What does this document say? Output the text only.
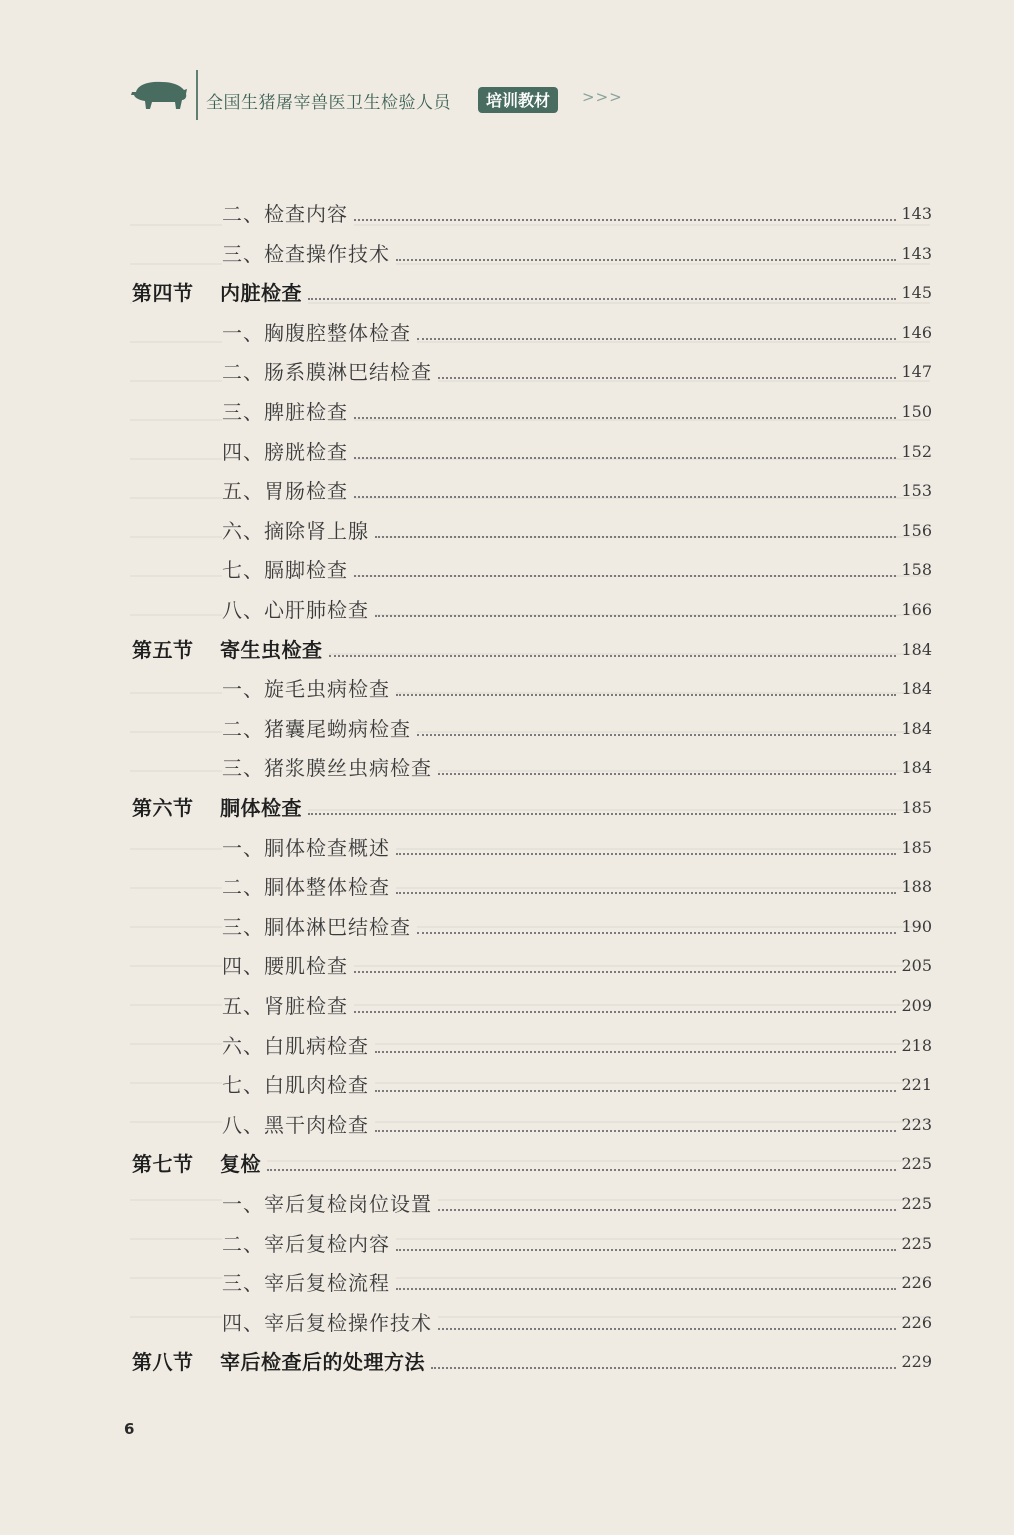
全国生猪屠宰兽医卫生检验人员	培训教材	>>>
二、检查内容	143
三、检查操作技术	143
第四节 内脏检查	145
一、胸腹腔整体检查	146
二、肠系膜淋巴结检查	147
三、脾脏检查	150
四、膀胱检查	152
五、胃肠检查	153
六、摘除肾上腺	156
七、膈脚检查	158
八、心肝肺检查	166
第五节 寄生虫检查	184
一、旋毛虫病检查	184
二、猪囊尾蚴病检查	184
三、猪浆膜丝虫病检查	184
第六节 胴体检查	185
一、胴体检查概述	185
二、胴体整体检查	188
三、胴体淋巴结检查	190
四、腰肌检查	205
五、肾脏检查	209
六、白肌病检查	218
七、白肌肉检查	221
八、黑干肉检查	223
第七节 复检	225
一、宰后复检岗位设置	225
二、宰后复检内容	225
三、宰后复检流程	226
四、宰后复检操作技术	226
第八节 宰后检查后的处理方法	229
6
